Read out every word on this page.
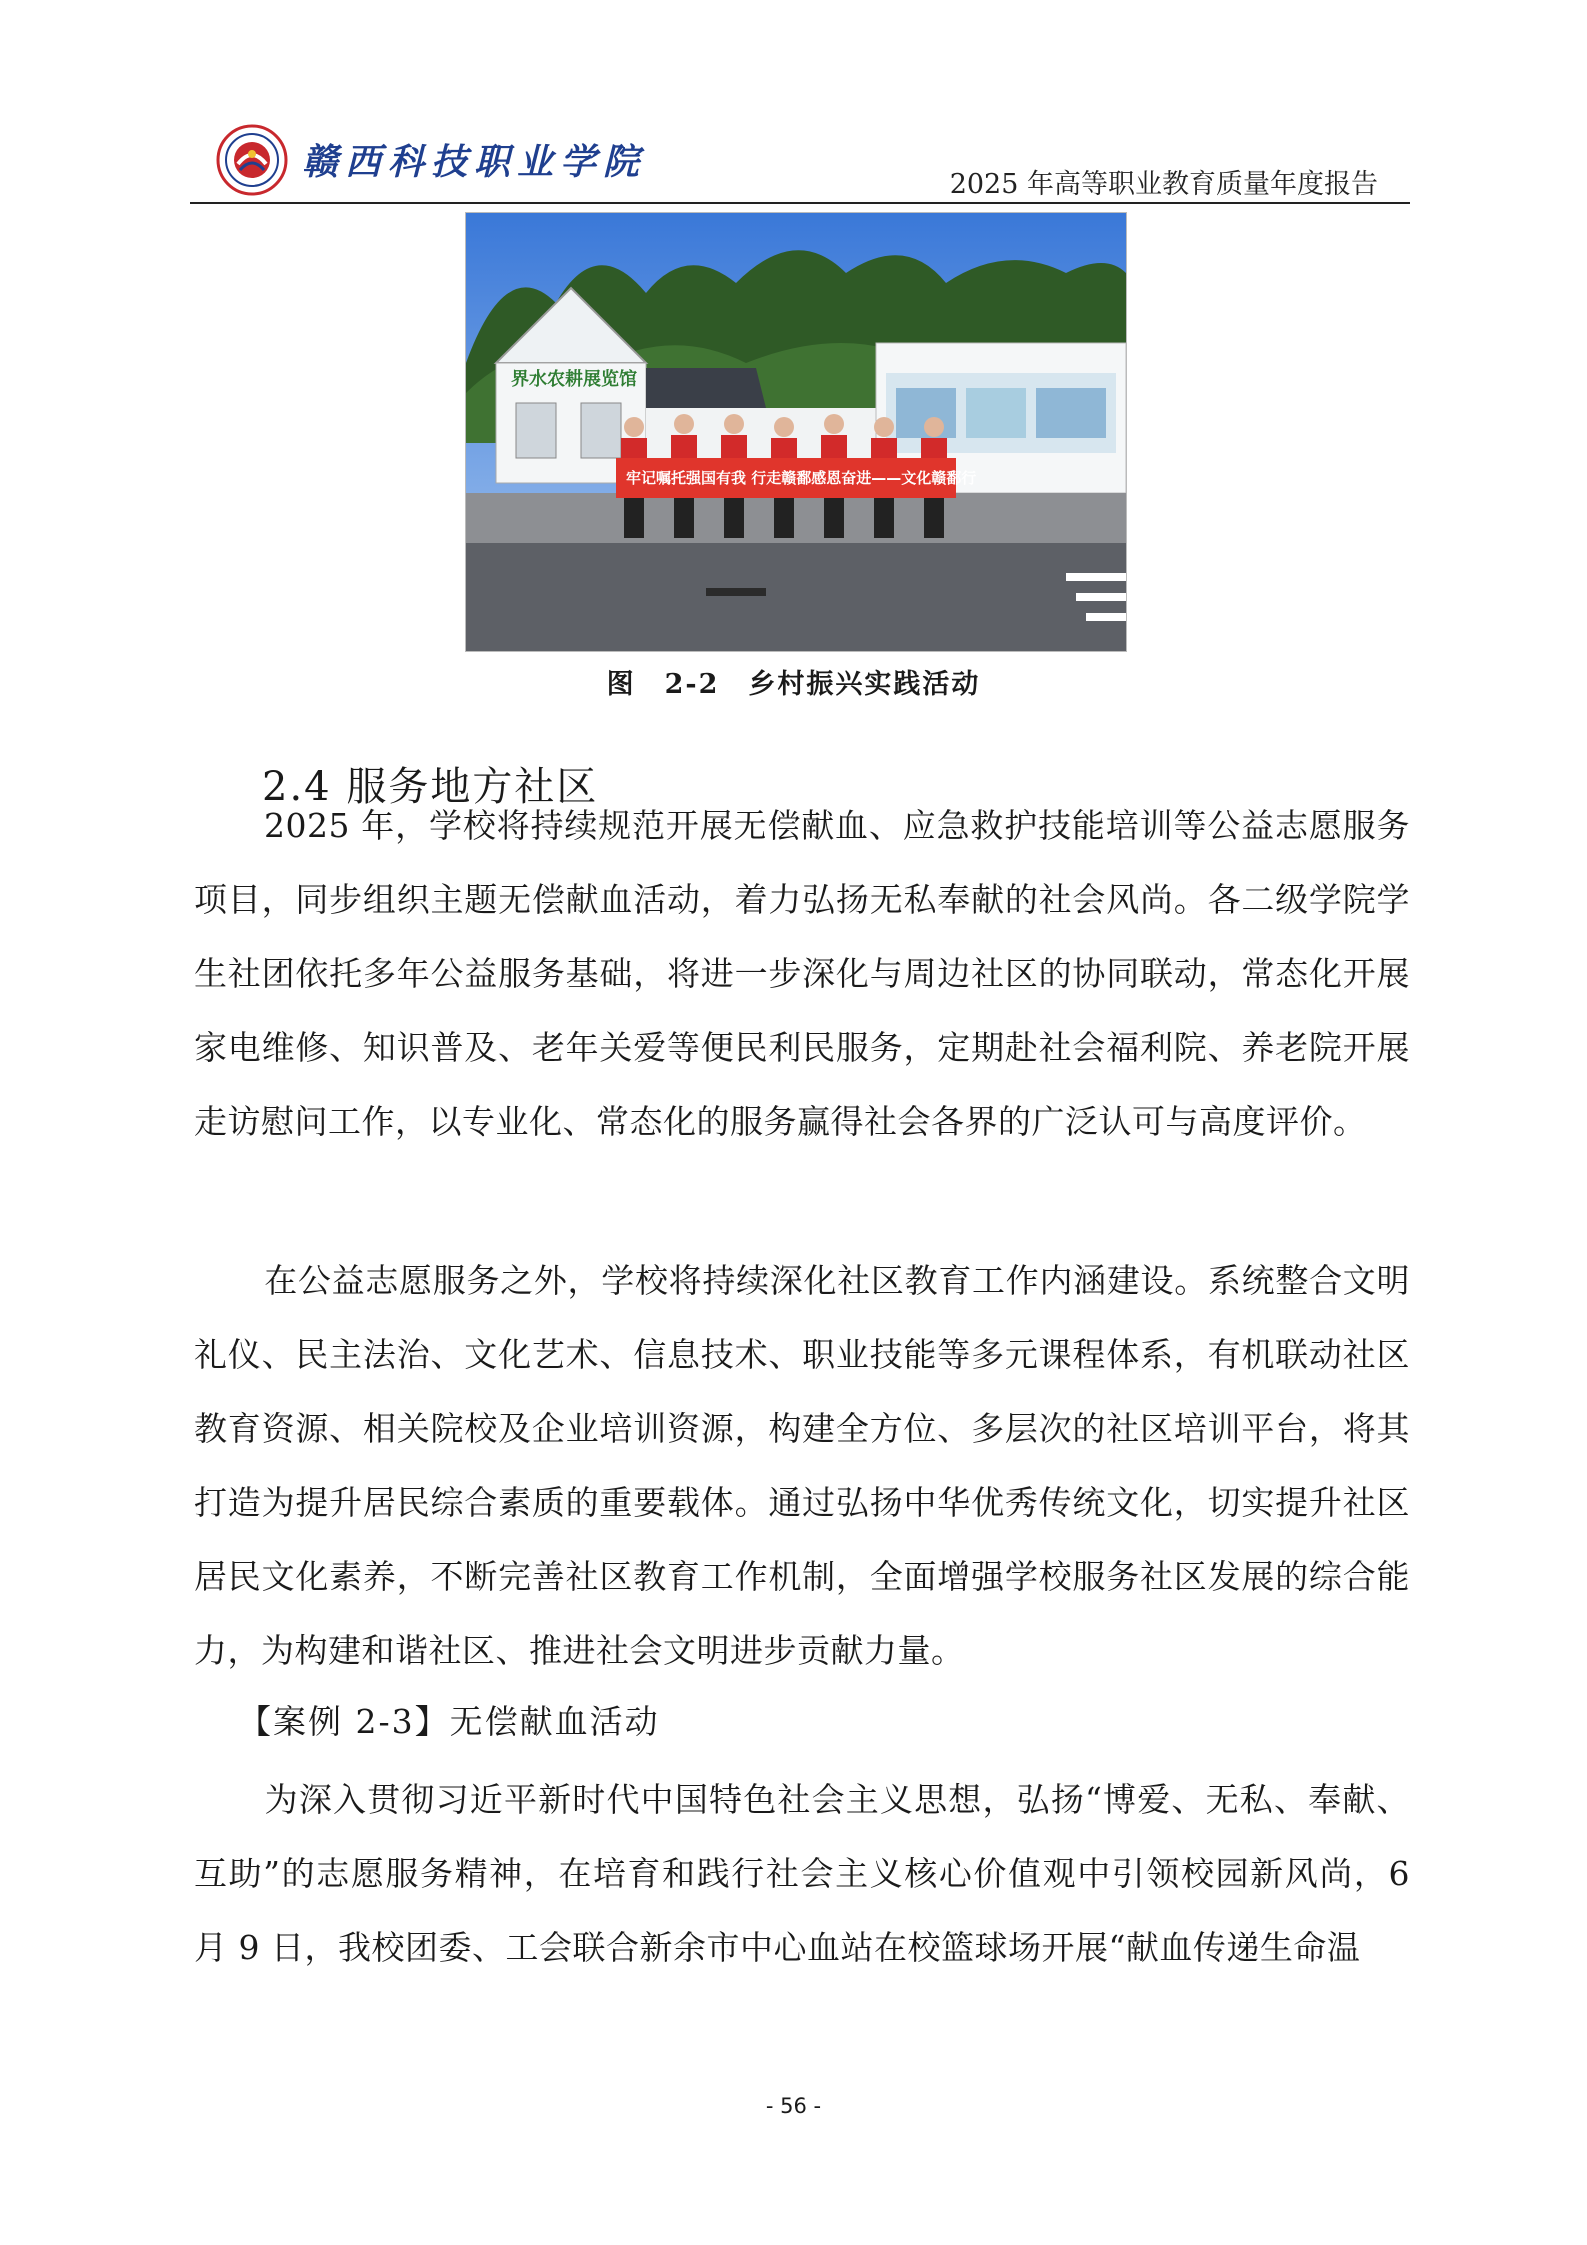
赣西科技职业学院
2025 年高等职业教育质量年度报告
界水农耕展览馆
牢记嘱托强国有我 行走赣鄱感恩奋进——文化赣鄱行
图　2-2　乡村振兴实践活动
2.4 服务地方社区

2025 年，学校将持续规范开展无偿献血、应急救护技能培训等公益志愿服务项目，同步组织主题无偿献血活动，着力弘扬无私奉献的社会风尚。各二级学院学生社团依托多年公益服务基础，将进一步深化与周边社区的协同联动，常态化开展家电维修、知识普及、老年关爱等便民利民服务，定期赴社会福利院、养老院开展走访慰问工作，以专业化、常态化的服务赢得社会各界的广泛认可与高度评价。

在公益志愿服务之外，学校将持续深化社区教育工作内涵建设。系统整合文明礼仪、民主法治、文化艺术、信息技术、职业技能等多元课程体系，有机联动社区教育资源、相关院校及企业培训资源，构建全方位、多层次的社区培训平台，将其打造为提升居民综合素质的重要载体。通过弘扬中华优秀传统文化，切实提升社区居民文化素养，不断完善社区教育工作机制，全面增强学校服务社区发展的综合能力，为构建和谐社区、推进社会文明进步贡献力量。

【案例 2-3】无偿献血活动

为深入贯彻习近平新时代中国特色社会主义思想，弘扬“博爱、无私、奉献、互助”的志愿服务精神，在培育和践行社会主义核心价值观中引领校园新风尚，6 月 9 日，我校团委、工会联合新余市中心血站在校篮球场开展“献血传递生命温

- 56 -
